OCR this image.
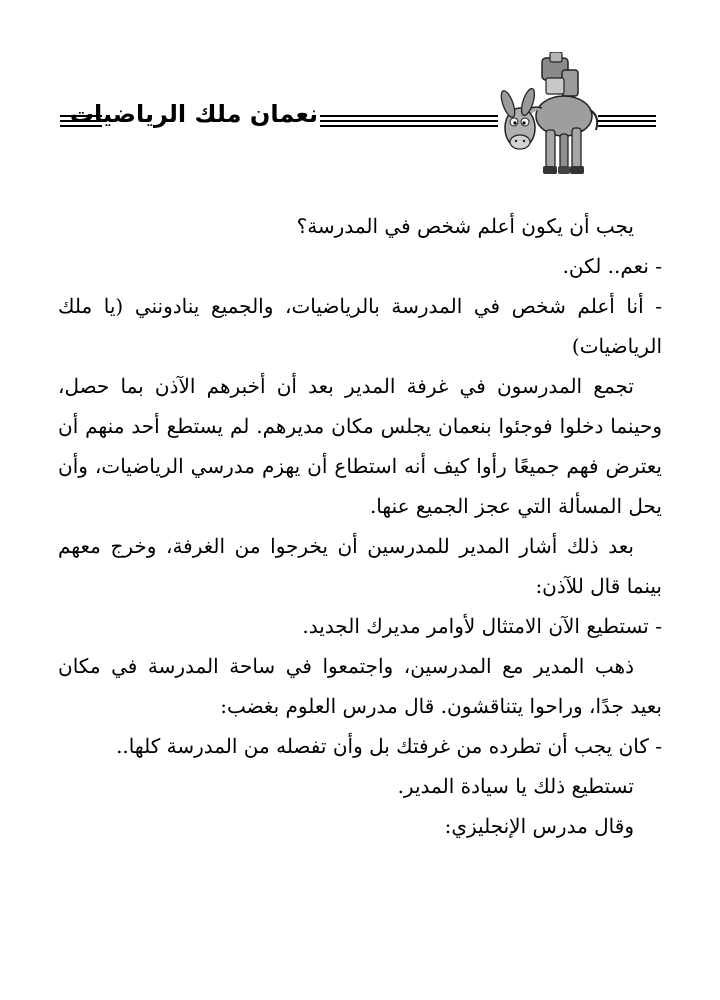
نعمان ملك الرياضيات

يجب أن يكون أعلم شخص في المدرسة؟

- نعم.. لكن.

- أنا أعلم شخص في المدرسة بالرياضيات، والجميع ينادونني (يا ملك الرياضيات)

تجمع المدرسون في غرفة المدير بعد أن أخبرهم الآذن بما حصل، وحينما دخلوا فوجئوا بنعمان يجلس مكان مديرهم. لم يستطع أحد منهم أن يعترض فهم جميعًا رأوا كيف أنه استطاع أن يهزم مدرسي الرياضيات، وأن يحل المسألة التي عجز الجميع عنها.

بعد ذلك أشار المدير للمدرسين أن يخرجوا من الغرفة، وخرج معهم بينما قال للآذن:

- تستطيع الآن الامتثال لأوامر مديرك الجديد.

ذهب المدير مع المدرسين، واجتمعوا في ساحة المدرسة في مكان بعيد جدًا، وراحوا يتناقشون. قال مدرس العلوم بغضب:

- كان يجب أن تطرده من غرفتك بل وأن تفصله من المدرسة كلها..

تستطيع ذلك يا سيادة المدير.

وقال مدرس الإنجليزي:
